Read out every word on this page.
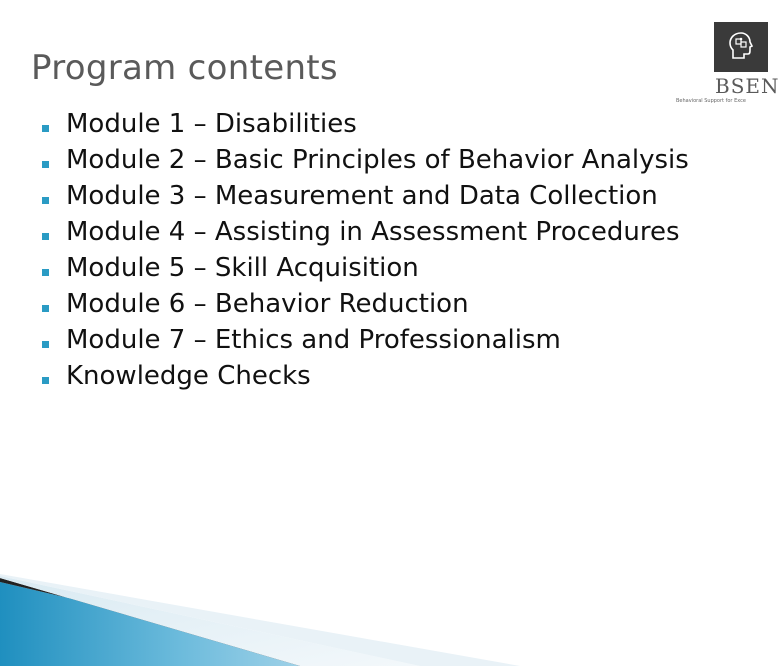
Program contents	BSEN
Behavioral Support for Exce
Module 1 – Disabilities
Module 2 – Basic Principles of Behavior Analysis
Module 3 – Measurement and Data Collection
Module 4 – Assisting in Assessment Procedures
Module 5 – Skill Acquisition
Module 6 – Behavior Reduction
Module 7 – Ethics and Professionalism
Knowledge Checks
